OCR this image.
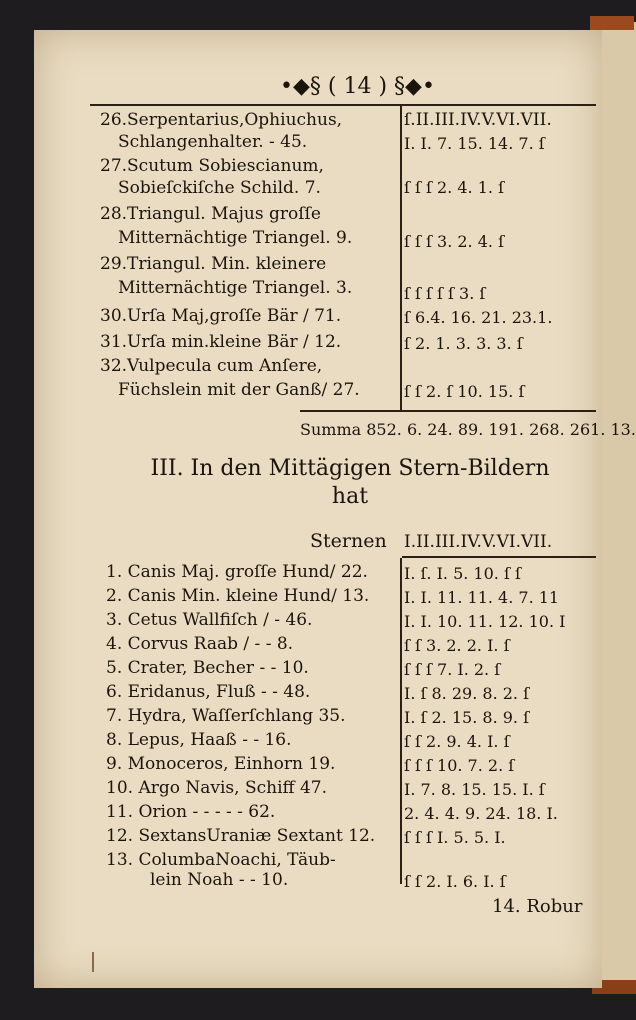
•◆§ ( 14 ) §◆•
ſ.II.III.IV.V.VI.VII.
26.Serpentarius,Ophiuchus,
Schlangenhalter. - 45.	I. I. 7. 15. 14. 7. ſ
27.Scutum Sobiescianum,
Sobieſckiſche Schild. 7.	ſ ſ ſ 2. 4. 1. ſ
28.Triangul. Majus groſſe
Mitternächtige Triangel. 9.	ſ ſ ſ 3. 2. 4. ſ
29.Triangul. Min. kleinere
Mitternächtige Triangel. 3.	ſ ſ ſ ſ ſ 3. ſ
30.Urſa Maj,groſſe Bär / 71.	ſ 6.4. 16. 21. 23.1.
31.Urſa min.kleine Bär / 12.	ſ 2. 1. 3. 3. 3. ſ
32.Vulpecula cum Anſere,
Füchslein mit der Ganß/ 27.	ſ ſ 2. ſ 10. 15. ſ
Summa 852. 6. 24. 89. 191. 268. 261. 13.
III. In den Mittägigen Stern-Bildern
hat
Sternen I.II.III.IV.V.VI.VII.
1. Canis Maj. groſſe Hund/ 22.	I. ſ. I. 5. 10. ſ ſ
2. Canis Min. kleine Hund/ 13.	I. I. 11. 11. 4. 7. 11
3. Cetus Wallfiſch / - 46.	I. I. 10. 11. 12. 10. I
4. Corvus Raab / - - 8.	ſ ſ 3. 2. 2. I. ſ
5. Crater, Becher - - 10.	ſ ſ ſ 7. I. 2. ſ
6. Eridanus, Fluß - - 48.	I. ſ 8. 29. 8. 2. ſ
7. Hydra, Waſſerſchlang 35.	I. ſ 2. 15. 8. 9. ſ
8. Lepus, Haaß - - 16.	ſ ſ 2. 9. 4. I. ſ
9. Monoceros, Einhorn 19.	ſ ſ ſ 10. 7. 2. ſ
10. Argo Navis, Schiff 47.	I. 7. 8. 15. 15. I. ſ
11. Orion - - - - - 62.	2. 4. 4. 9. 24. 18. I.
12. SextansUraniæ Sextant 12.	ſ ſ ſ I. 5. 5. I.
13. ColumbaNoachi, Täub-
lein Noah - - 10.	ſ ſ 2. I. 6. I. ſ
14. Robur
